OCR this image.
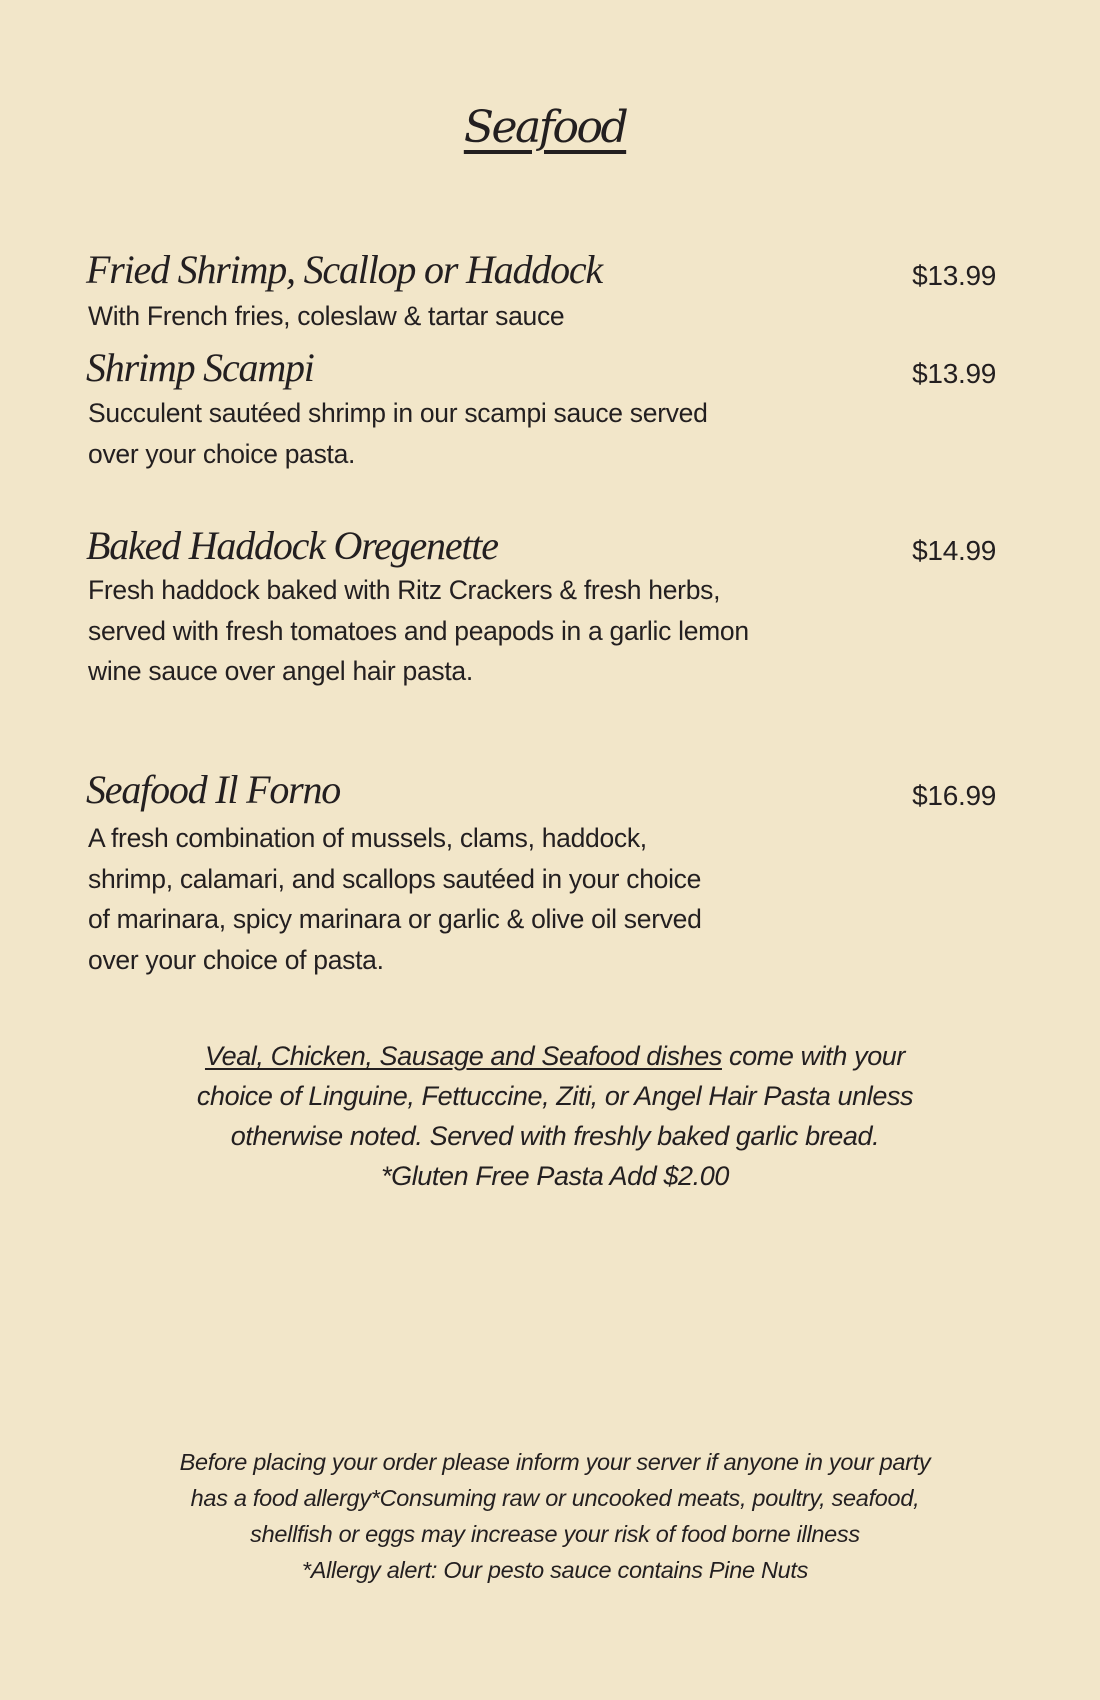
Seafood
Fried Shrimp, Scallop or Haddock	$13.99
With French fries, coleslaw & tartar sauce
Shrimp Scampi	$13.99
Succulent sautéed shrimp in our scampi sauce served
over your choice pasta.
Baked Haddock Oregenette	$14.99
Fresh haddock baked with Ritz Crackers & fresh herbs,
served with fresh tomatoes and peapods in a garlic lemon
wine sauce over angel hair pasta.
Seafood Il Forno	$16.99
A fresh combination of mussels, clams, haddock,
shrimp, calamari, and scallops sautéed in your choice
of marinara, spicy marinara or garlic & olive oil served
over your choice of pasta.
Veal, Chicken, Sausage and Seafood dishes come with your
choice of Linguine, Fettuccine, Ziti, or Angel Hair Pasta unless
otherwise noted. Served with freshly baked garlic bread.
*Gluten Free Pasta Add $2.00
Before placing your order please inform your server if anyone in your party
has a food allergy*Consuming raw or uncooked meats, poultry, seafood,
shellfish or eggs may increase your risk of food borne illness
*Allergy alert: Our pesto sauce contains Pine Nuts
